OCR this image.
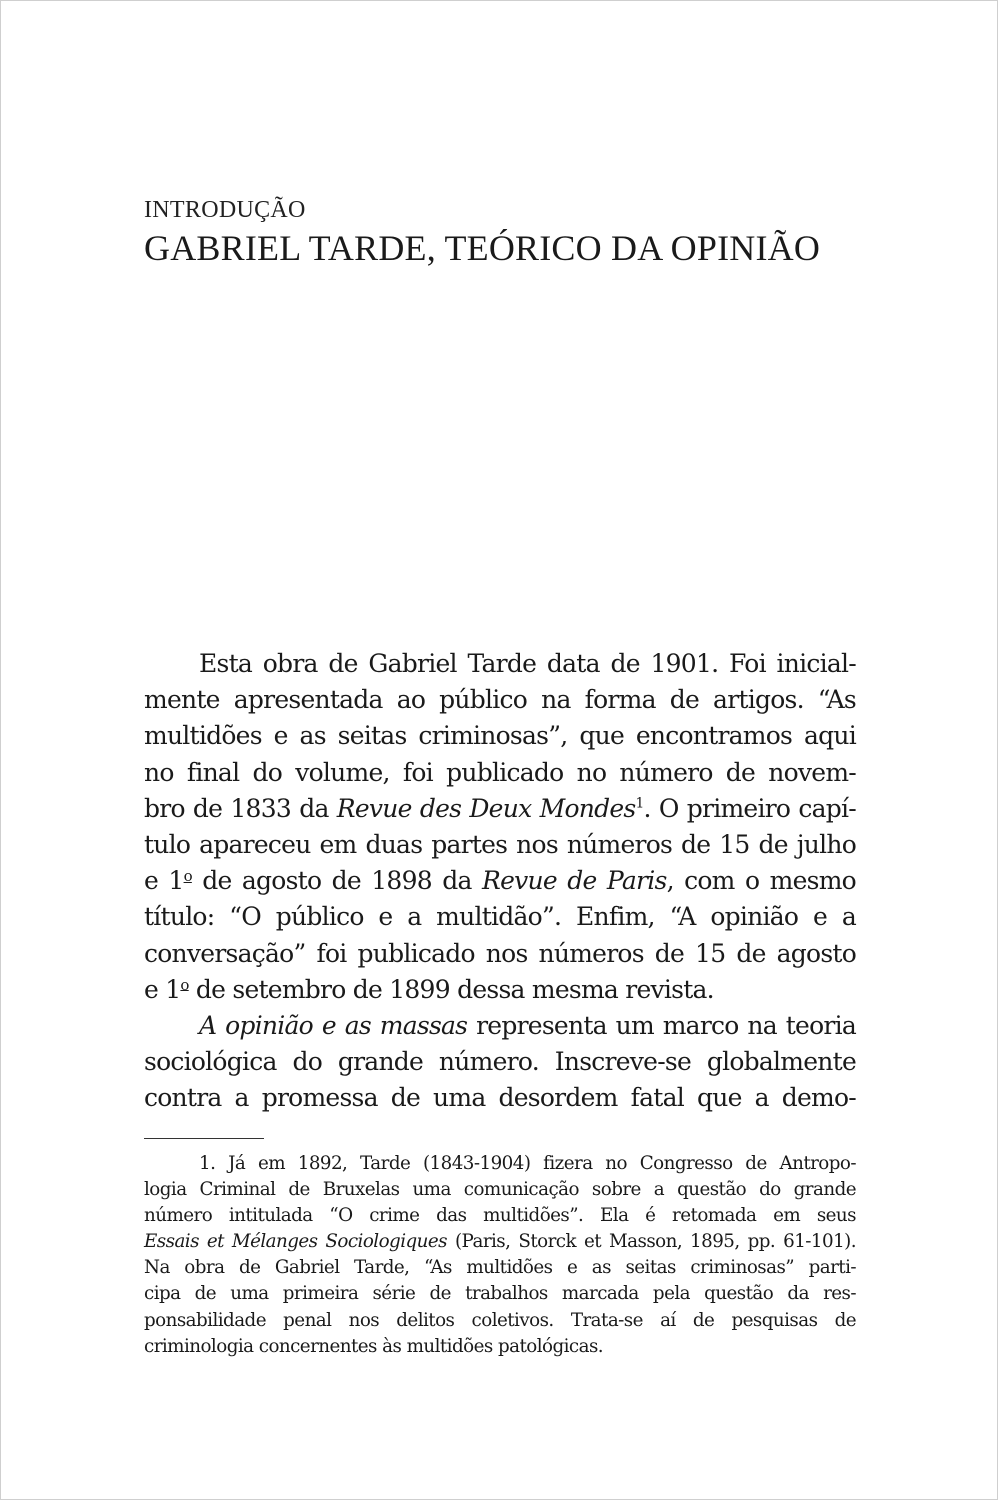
INTRODUÇÃO
GABRIEL TARDE, TEÓRICO DA OPINIÃO
Esta obra de Gabriel Tarde data de 1901. Foi inicial-
mente apresentada ao público na forma de artigos. “As
multidões e as seitas criminosas”, que encontramos aqui
no final do volume, foi publicado no número de novem-
bro de 1833 da Revue des Deux Mondes$^1$. O primeiro capí-
tulo apareceu em duas partes nos números de 15 de julho
e 1$^o$ de agosto de 1898 da Revue de Paris, com o mesmo
título: “O público e a multidão”. Enfim, “A opinião e a
conversação” foi publicado nos números de 15 de agosto
e 1$^o$ de setembro de 1899 dessa mesma revista.
A opinião e as massas representa um marco na teoria
sociológica do grande número. Inscreve-se globalmente
contra a promessa de uma desordem fatal que a demo-
1. Já em 1892, Tarde (1843-1904) fizera no Congresso de Antropo-
logia Criminal de Bruxelas uma comunicação sobre a questão do grande
número intitulada “O crime das multidões”. Ela é retomada em seus
Essais et Mélanges Sociologiques (Paris, Storck et Masson, 1895, pp. 61-101).
Na obra de Gabriel Tarde, “As multidões e as seitas criminosas” parti-
cipa de uma primeira série de trabalhos marcada pela questão da res-
ponsabilidade penal nos delitos coletivos. Trata-se aí de pesquisas de
criminologia concernentes às multidões patológicas.
